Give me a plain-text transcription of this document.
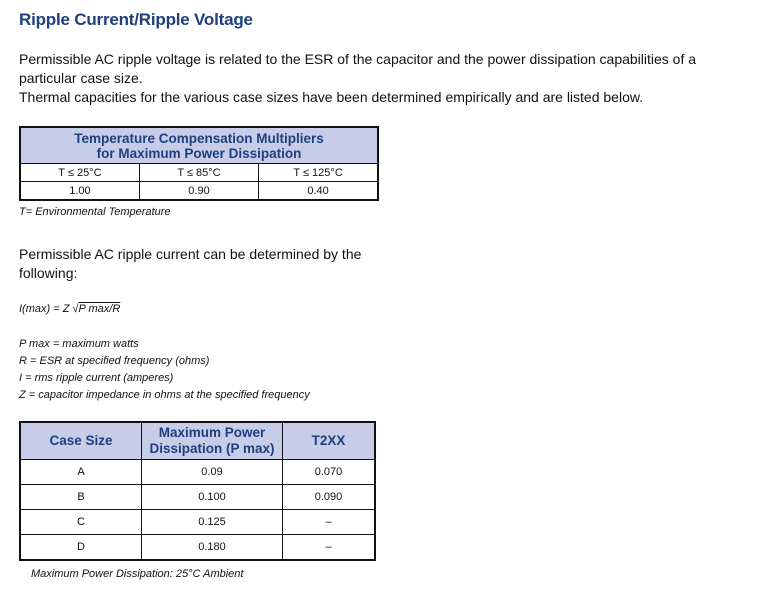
Ripple Current/Ripple Voltage
Permissible AC ripple voltage is related to the ESR of the capacitor and the power dissipation capabilities of a particular case size.
Thermal capacities for the various case sizes have been determined empirically and are listed below.
Temperature Compensation Multipliers
for Maximum Power Dissipation		

T ≤ 25°C	T ≤ 85°C	T ≤ 125°C
1.00	0.90	0.40
T= Environmental Temperature
Permissible AC ripple current can be determined by the following:
I(max) = Z √P max/R
P max = maximum watts
R = ESR at specified frequency (ohms)
I = rms ripple current (amperes)
Z = capacitor impedance in ohms at the specified frequency
Case Size	Maximum Power Dissipation (P max)	T2XX
A	0.09	0.070
B	0.100	0.090
C	0.125	–
D	0.180	–
Maximum Power Dissipation: 25°C Ambient
